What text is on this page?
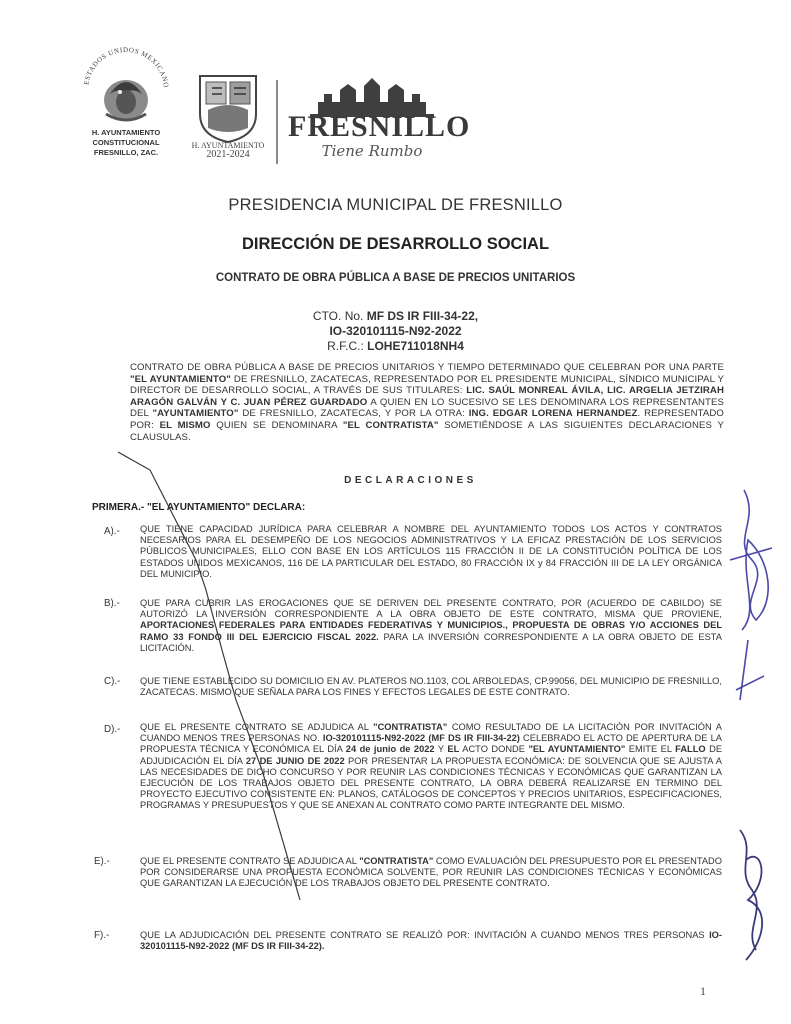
ESTADOS UNIDOS MEXICANO
H. AYUNTAMIENTO
CONSTITUCIONAL
FRESNILLO, ZAC.
H. AYUNTAMIENTO
2021-2024
FRESNILLO
Tiene Rumbo
PRESIDENCIA MUNICIPAL DE FRESNILLO
DIRECCIÓN DE DESARROLLO SOCIAL
CONTRATO DE OBRA PÚBLICA A BASE DE PRECIOS UNITARIOS
CTO. No. MF DS IR FIII-34-22,
IO-320101115-N92-2022
R.F.C.: LOHE711018NH4
CONTRATO DE OBRA PÚBLICA A BASE DE PRECIOS UNITARIOS Y TIEMPO DETERMINADO QUE CELEBRAN POR UNA PARTE "EL AYUNTAMIENTO" DE FRESNILLO, ZACATECAS, REPRESENTADO POR EL PRESIDENTE MUNICIPAL, SÍNDICO MUNICIPAL Y DIRECTOR DE DESARROLLO SOCIAL, A TRAVÉS DE SUS TITULARES: LIC. SAÚL MONREAL ÁVILA, LIC. ARGELIA JETZIRAH ARAGÓN GALVÁN Y C. JUAN PÉREZ GUARDADO A QUIEN EN LO SUCESIVO SE LES DENOMINARA LOS REPRESENTANTES DEL "AYUNTAMIENTO" DE FRESNILLO, ZACATECAS, Y POR LA OTRA: ING. EDGAR LORENA HERNANDEZ. REPRESENTADO POR: EL MISMO QUIEN SE DENOMINARA "EL CONTRATISTA" SOMETIÉNDOSE A LAS SIGUIENTES DECLARACIONES Y CLAUSULAS.
DECLARACIONES
PRIMERA.- "EL AYUNTAMIENTO" DECLARA:
A).- QUE TIENE CAPACIDAD JURÍDICA PARA CELEBRAR A NOMBRE DEL AYUNTAMIENTO TODOS LOS ACTOS Y CONTRATOS NECESARIOS PARA EL DESEMPEÑO DE LOS NEGOCIOS ADMINISTRATIVOS Y LA EFICAZ PRESTACIÓN DE LOS SERVICIOS PÚBLICOS MUNICIPALES, ELLO CON BASE EN LOS ARTÍCULOS 115 FRACCIÓN II DE LA CONSTITUCIÓN POLÍTICA DE LOS ESTADOS UNIDOS MEXICANOS, 116 DE LA PARTICULAR DEL ESTADO, 80 FRACCIÓN IX y 84 FRACCIÓN III DE LA LEY ORGÁNICA DEL MUNICIPIO.
B).- QUE PARA CUBRIR LAS EROGACIONES QUE SE DERIVEN DEL PRESENTE CONTRATO, POR (ACUERDO DE CABILDO) SE AUTORIZÓ LA INVERSIÓN CORRESPONDIENTE A LA OBRA OBJETO DE ESTE CONTRATO, MISMA QUE PROVIENE, APORTACIONES FEDERALES PARA ENTIDADES FEDERATIVAS Y MUNICIPIOS., PROPUESTA DE OBRAS Y/O ACCIONES DEL RAMO 33 FONDO III DEL EJERCICIO FISCAL 2022. PARA LA INVERSIÓN CORRESPONDIENTE A LA OBRA OBJETO DE ESTA LICITACIÓN.
C).- QUE TIENE ESTABLECIDO SU DOMICILIO EN AV. PLATEROS NO.1103, COL ARBOLEDAS, CP.99056, DEL MUNICIPIO DE FRESNILLO, ZACATECAS. MISMO QUE SEÑALA PARA LOS FINES Y EFECTOS LEGALES DE ESTE CONTRATO.
D).- QUE EL PRESENTE CONTRATO SE ADJUDICA AL "CONTRATISTA" COMO RESULTADO DE LA LICITACIÓN POR INVITACIÓN A CUANDO MENOS TRES PERSONAS NO. IO-320101115-N92-2022 (MF DS IR FIII-34-22) CELEBRADO EL ACTO DE APERTURA DE LA PROPUESTA TÉCNICA Y ECONÓMICA EL DÍA 24 de junio de 2022 Y EL ACTO DONDE "EL AYUNTAMIENTO" EMITE EL FALLO DE ADJUDICACIÓN EL DÍA 27 DE JUNIO DE 2022 POR PRESENTAR LA PROPUESTA ECONÓMICA: DE SOLVENCIA QUE SE AJUSTA A LAS NECESIDADES DE DICHO CONCURSO Y POR REUNIR LAS CONDICIONES TÉCNICAS Y ECONÓMICAS QUE GARANTIZAN LA EJECUCIÓN DE LOS TRABAJOS OBJETO DEL PRESENTE CONTRATO, LA OBRA DEBERÁ REALIZARSE EN TERMINO DEL PROYECTO EJECUTIVO CONSISTENTE EN: PLANOS, CATÁLOGOS DE CONCEPTOS Y PRECIOS UNITARIOS, ESPECIFICACIONES, PROGRAMAS Y PRESUPUESTOS Y QUE SE ANEXAN AL CONTRATO COMO PARTE INTEGRANTE DEL MISMO.
E).-	QUE EL PRESENTE CONTRATO SE ADJUDICA AL "CONTRATISTA" COMO EVALUACIÓN DEL PRESUPUESTO POR EL PRESENTADO POR CONSIDERARSE UNA PROPUESTA ECONÓMICA SOLVENTE, POR REUNIR LAS CONDICIONES TÉCNICAS Y ECONÓMICAS QUE GARANTIZAN LA EJECUCIÓN DE LOS TRABAJOS OBJETO DEL PRESENTE CONTRATO.
F).-	QUE LA ADJUDICACIÓN DEL PRESENTE CONTRATO SE REALIZÓ POR: INVITACIÓN A CUANDO MENOS TRES PERSONAS IO-320101115-N92-2022 (MF DS IR FIII-34-22).
1
